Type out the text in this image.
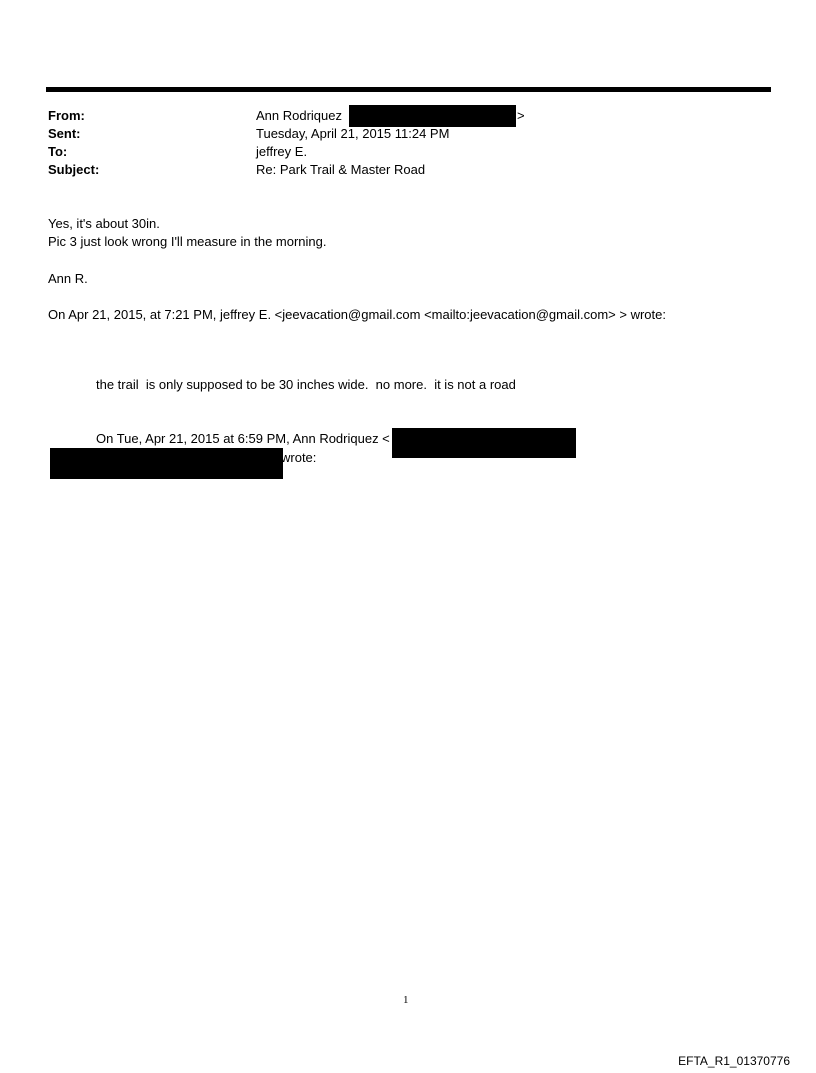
From:	Ann Rodriquez	>
Sent:	Tuesday, April 21, 2015 11:24 PM
To:	jeffrey E.
Subject:	Re: Park Trail & Master Road
Yes, it's about 30in.
Pic 3 just look wrong I'll measure in the morning.
Ann R.
On Apr 21, 2015, at 7:21 PM, jeffrey E. <jeevacation@gmail.com <mailto:jeevacation@gmail.com> > wrote:
the trail  is only supposed to be 30 inches wide.  no more.  it is not a road
On Tue, Apr 21, 2015 at 6:59 PM, Ann Rodriquez <
wrote:
1
EFTA_R1_01370776
